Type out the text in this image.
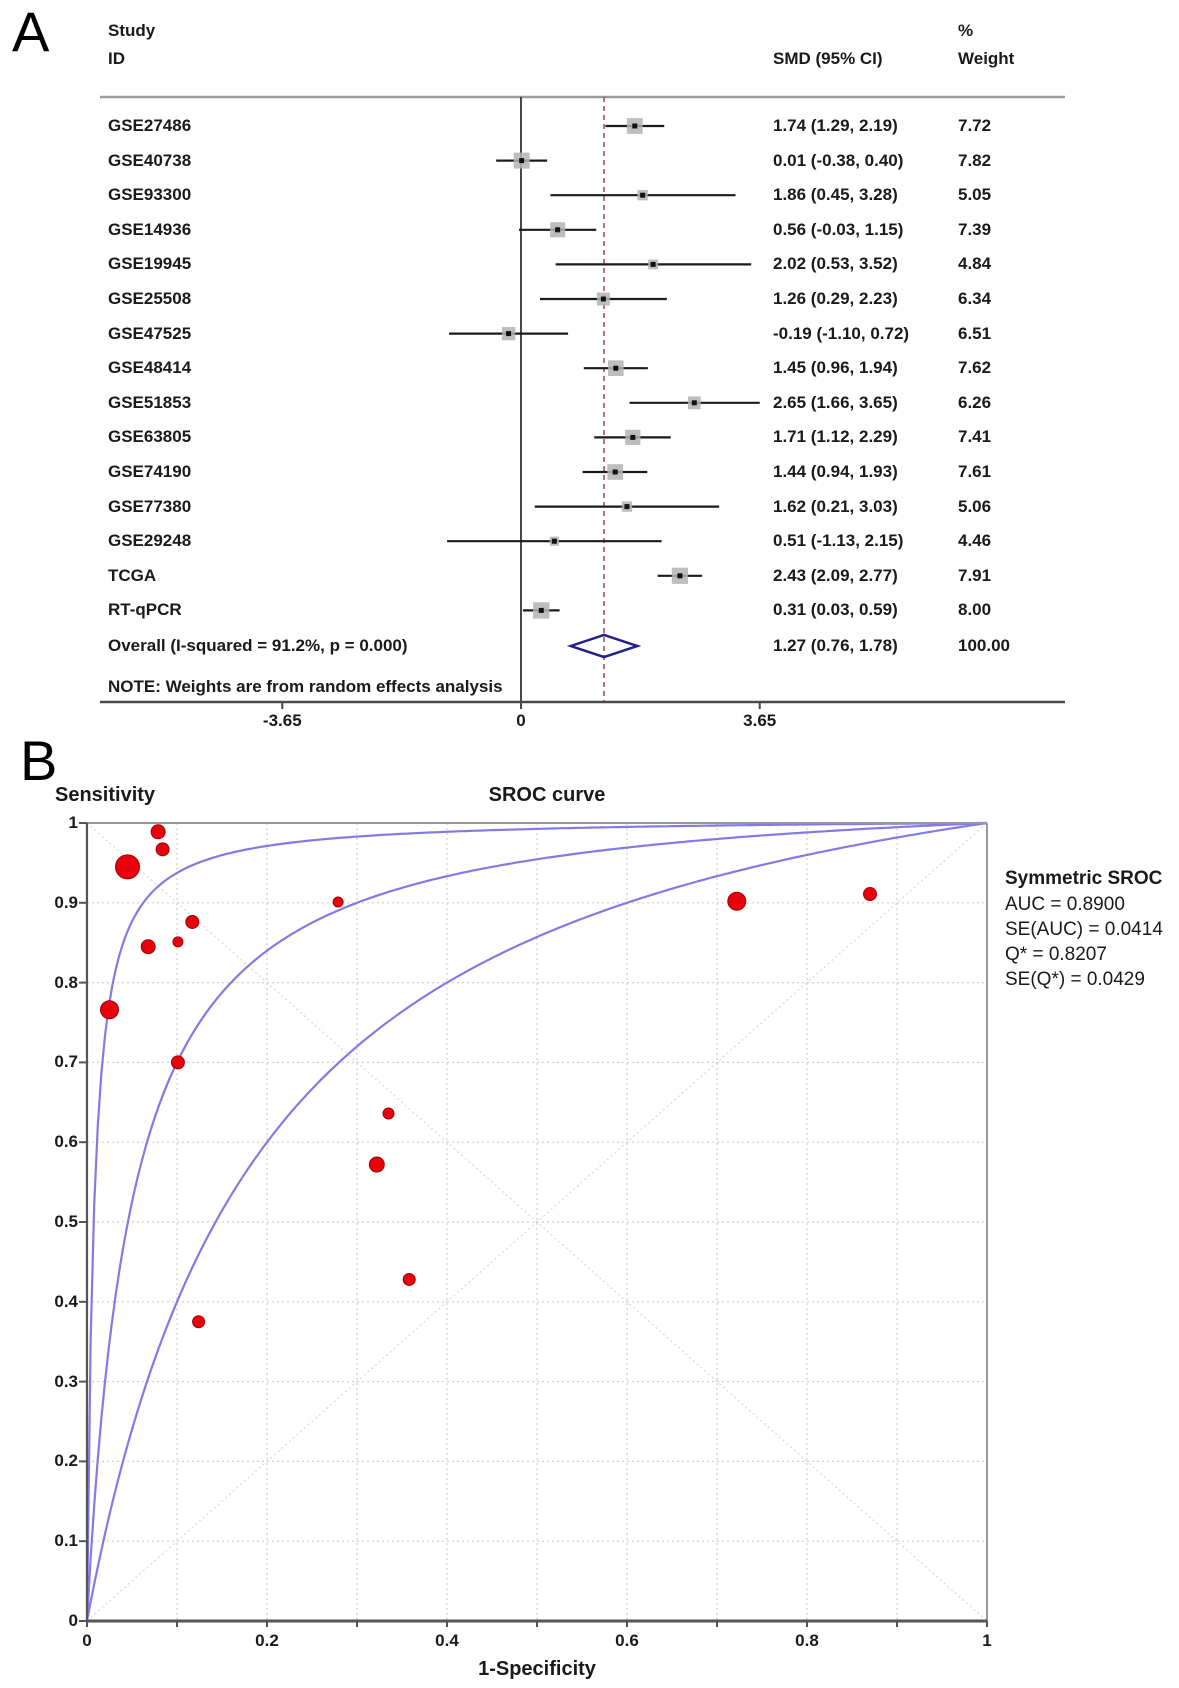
A
B
Study
ID	SMD (95% CI)
%
Weight
NOTE: Weights are from random effects analysis
Sensitivity	SROC curve
1-Specificity
Symmetric SROC
AUC = 0.8900
SE(AUC) = 0.0414
Q* = 0.8207
SE(Q*) = 0.0429
GSE27486	1.74 (1.29, 2.19)	7.72
GSE40738	0.01 (-0.38, 0.40)	7.82
GSE93300	1.86 (0.45, 3.28)	5.05
GSE14936	0.56 (-0.03, 1.15)	7.39
GSE19945	2.02 (0.53, 3.52)	4.84
GSE25508	1.26 (0.29, 2.23)	6.34
GSE47525	-0.19 (-1.10, 0.72)	6.51
GSE48414	1.45 (0.96, 1.94)	7.62
GSE51853	2.65 (1.66, 3.65)	6.26
GSE63805	1.71 (1.12, 2.29)	7.41
GSE74190	1.44 (0.94, 1.93)	7.61
GSE77380	1.62 (0.21, 3.03)	5.06
GSE29248	0.51 (-1.13, 2.15)	4.46
TCGA	2.43 (2.09, 2.77)	7.91
RT-qPCR	0.31 (0.03, 0.59)	8.00
Overall (I-squared = 91.2%, p = 0.000)	1.27 (0.76, 1.78)	100.00
-3.65	0	3.65
1
0.9
0.8
0.7
0.6
0.5
0.4
0.3
0.2
0.1
0
0	0.2	0.4	0.6	0.8	1
